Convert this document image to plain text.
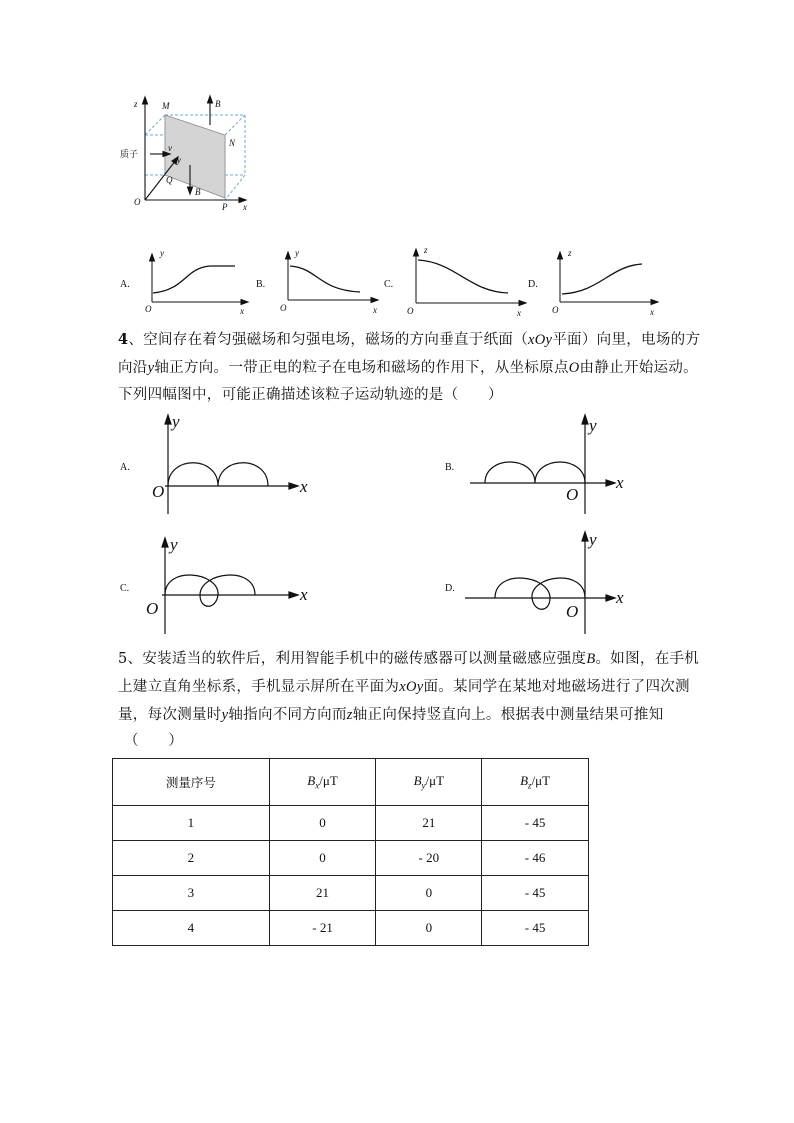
z	M	B
N
质子
v
y
Q
B
O	P x
A.	B.	C.	D.
y
O	x
y
O	x
z
O	x
z
O	x
4、空间存在着匀强磁场和匀强电场，磁场的方向垂直于纸面（xOy平面）向里，电场的方
向沿y轴正方向。一带正电的粒子在电场和磁场的作用下，从坐标原点O由静止开始运动。
下列四幅图中，可能正确描述该粒子运动轨迹的是（　　）
A.	B.
C.	D.
y
O	x
y
O
x
y
O
x
y
O
x
5、安装适当的软件后，利用智能手机中的磁传感器可以测量磁感应强度B。如图，在手机
上建立直角坐标系，手机显示屏所在平面为xOy面。某同学在某地对地磁场进行了四次测
量，每次测量时y轴指向不同方向而z轴正向保持竖直向上。根据表中测量结果可推知
（　　）
测量序号	$B_x/\mu T$	$B_y/\mu T$	$B_z/\mu T$
1	0	21	- 45
2	0	- 20	- 46
3	21	0	- 45
4	- 21	0	- 45
